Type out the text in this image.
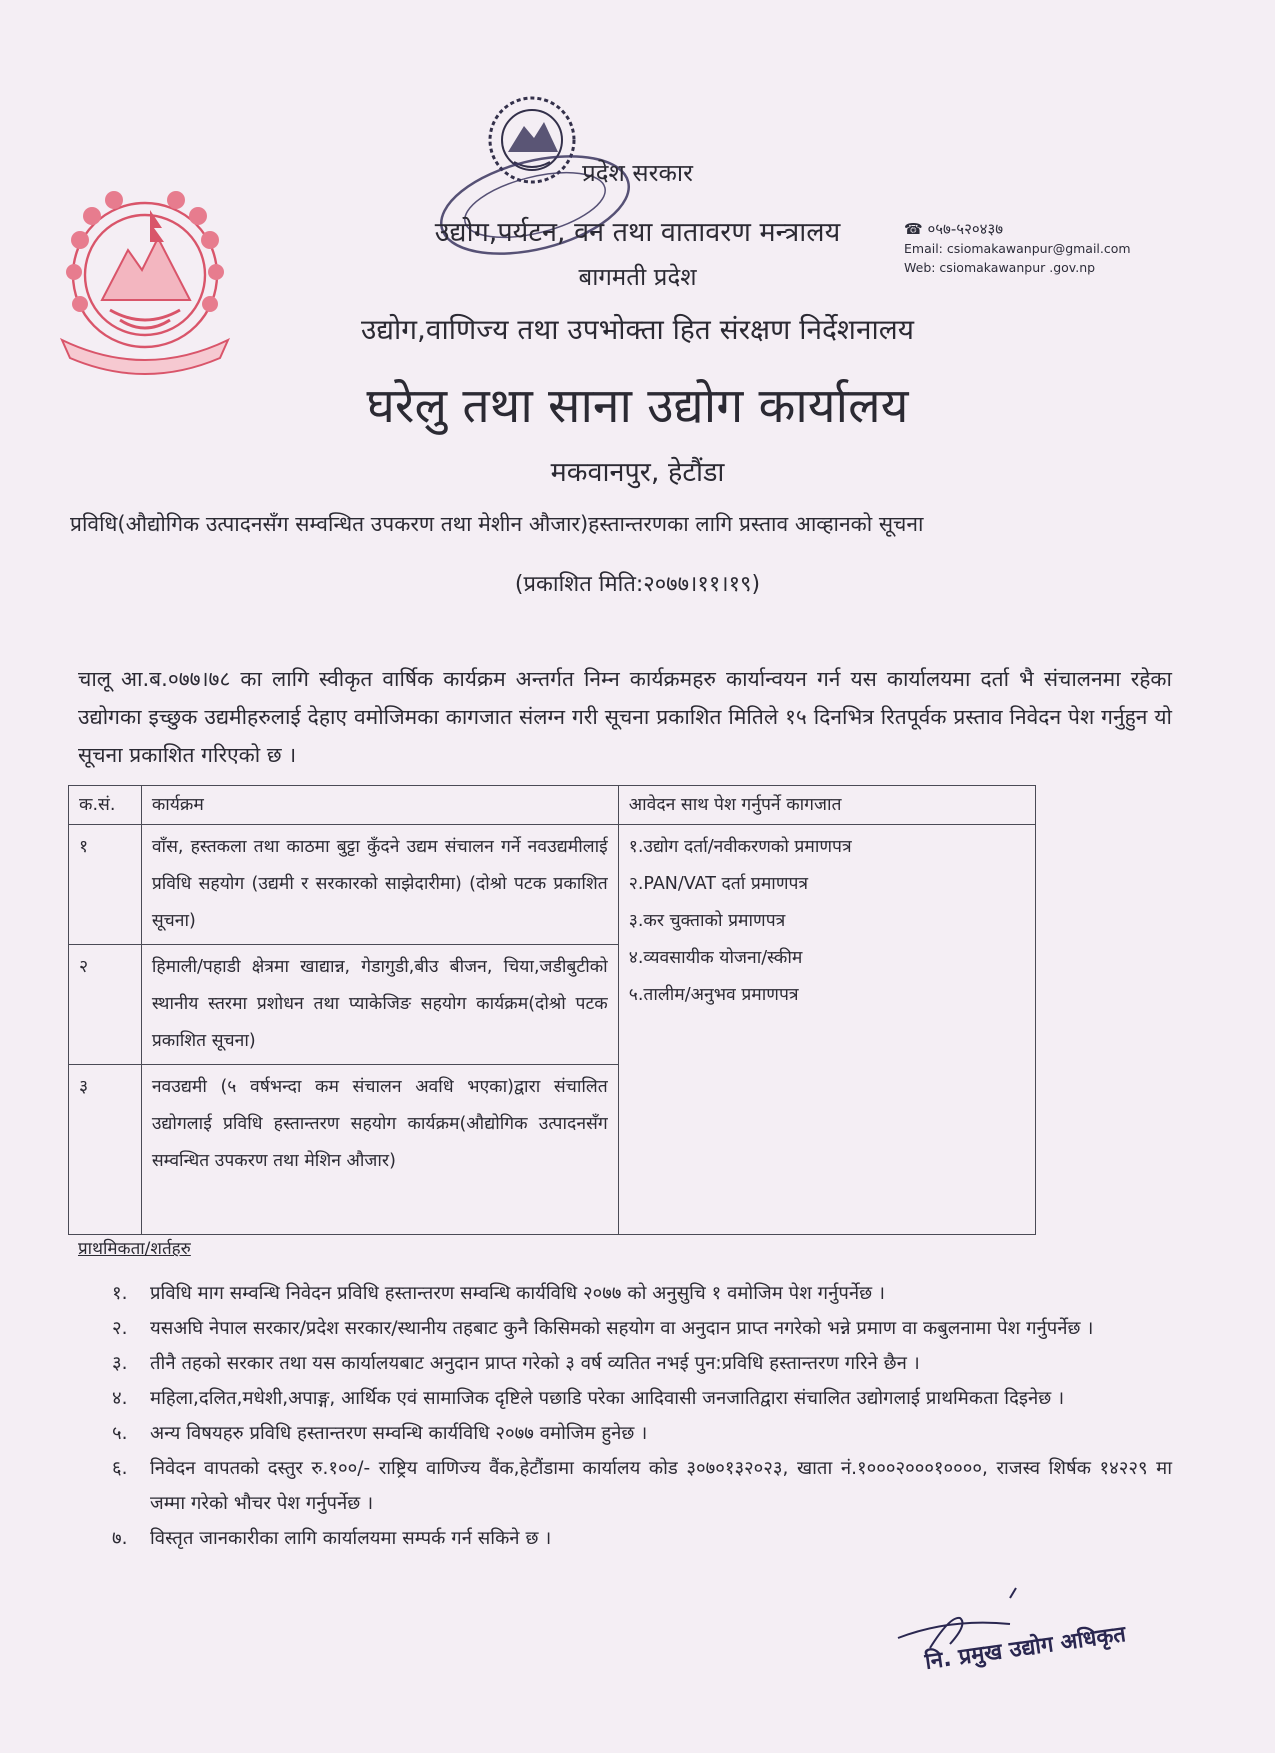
प्रदेश सरकार
उद्योग,पर्यटन, वन तथा वातावरण मन्त्रालय
बागमती प्रदेश
उद्योग,वाणिज्य तथा उपभोक्ता हित संरक्षण निर्देशनालय
घरेलु तथा साना उद्योग कार्यालय
मकवानपुर, हेटौंडा
प्रविधि(औद्योगिक उत्पादनसँग सम्वन्धित उपकरण तथा मेशीन औजार)हस्तान्तरणका लागि प्रस्ताव आव्हानको सूचना
(प्रकाशित मिति:२०७७।११।१९)
☎ ०५७-५२०४३७
Email: csiomakawanpur@gmail.com
Web: csiomakawanpur .gov.np
चालू आ.ब.०७७।७८ का लागि स्वीकृत वार्षिक कार्यक्रम अन्तर्गत निम्न कार्यक्रमहरु कार्यान्वयन गर्न यस कार्यालयमा दर्ता भै संचालनमा रहेका उद्योगका इच्छुक उद्यमीहरुलाई देहाए वमोजिमका कागजात संलग्न गरी सूचना प्रकाशित मितिले १५ दिनभित्र रितपूर्वक प्रस्ताव निवेदन पेश गर्नुहुन यो सूचना प्रकाशित गरिएको छ ।
क.सं.	कार्यक्रम	आवेदन साथ पेश गर्नुपर्ने कागजात
१	वाँस, हस्तकला तथा काठमा बुट्टा कुँदने उद्यम संचालन गर्ने नवउद्यमीलाई प्रविधि सहयोग (उद्यमी र सरकारको साझेदारीमा) (दोश्रो पटक प्रकाशित सूचना)	१.उद्योग दर्ता/नवीकरणको प्रमाणपत्र
२.PAN/VAT दर्ता प्रमाणपत्र
३.कर चुक्ताको प्रमाणपत्र
४.व्यवसायीक योजना/स्कीम
५.तालीम/अनुभव प्रमाणपत्र

२	हिमाली/पहाडी क्षेत्रमा खाद्यान्न, गेडागुडी,बीउ बीजन, चिया,जडीबुटीको स्थानीय स्तरमा प्रशोधन तथा प्याकेजिङ सहयोग कार्यक्रम(दोश्रो पटक प्रकाशित सूचना)	

३	नवउद्यमी (५ वर्षभन्दा कम संचालन अवधि भएका)द्वारा संचालित उद्योगलाई प्रविधि हस्तान्तरण सहयोग कार्यक्रम(औद्योगिक उत्पादनसँग सम्वन्धित उपकरण तथा मेशिन औजार)	
प्राथमिकता/शर्तहरु
१.	प्रविधि माग सम्वन्धि निवेदन प्रविधि हस्तान्तरण सम्वन्धि कार्यविधि २०७७ को अनुसुचि १ वमोजिम पेश गर्नुपर्नेछ ।
२.	यसअघि नेपाल सरकार/प्रदेश सरकार/स्थानीय तहबाट कुनै किसिमको सहयोग वा अनुदान प्राप्त नगरेको भन्ने प्रमाण वा कबुलनामा पेश गर्नुपर्नेछ ।
३.	तीनै तहको सरकार तथा यस कार्यालयबाट अनुदान प्राप्त गरेको ३ वर्ष व्यतित नभई पुन:प्रविधि हस्तान्तरण गरिने छैन ।
४.	महिला,दलित,मधेशी,अपाङ्ग, आर्थिक एवं सामाजिक दृष्टिले पछाडि परेका आदिवासी जनजातिद्वारा संचालित उद्योगलाई प्राथमिकता दिइनेछ ।
५.	अन्य विषयहरु प्रविधि हस्तान्तरण सम्वन्धि कार्यविधि २०७७ वमोजिम हुनेछ ।
६.	निवेदन वापतको दस्तुर रु.१००/- राष्ट्रिय वाणिज्य वैंक,हेटौंडामा कार्यालय कोड ३०७०१३२०२३, खाता नं.१०००२०००१००००, राजस्व शिर्षक १४२२९ मा जम्मा गरेको भौचर पेश गर्नुपर्नेछ ।
७.	विस्तृत जानकारीका लागि कार्यालयमा सम्पर्क गर्न सकिने छ ।
नि. प्रमुख उद्योग अधिकृत
